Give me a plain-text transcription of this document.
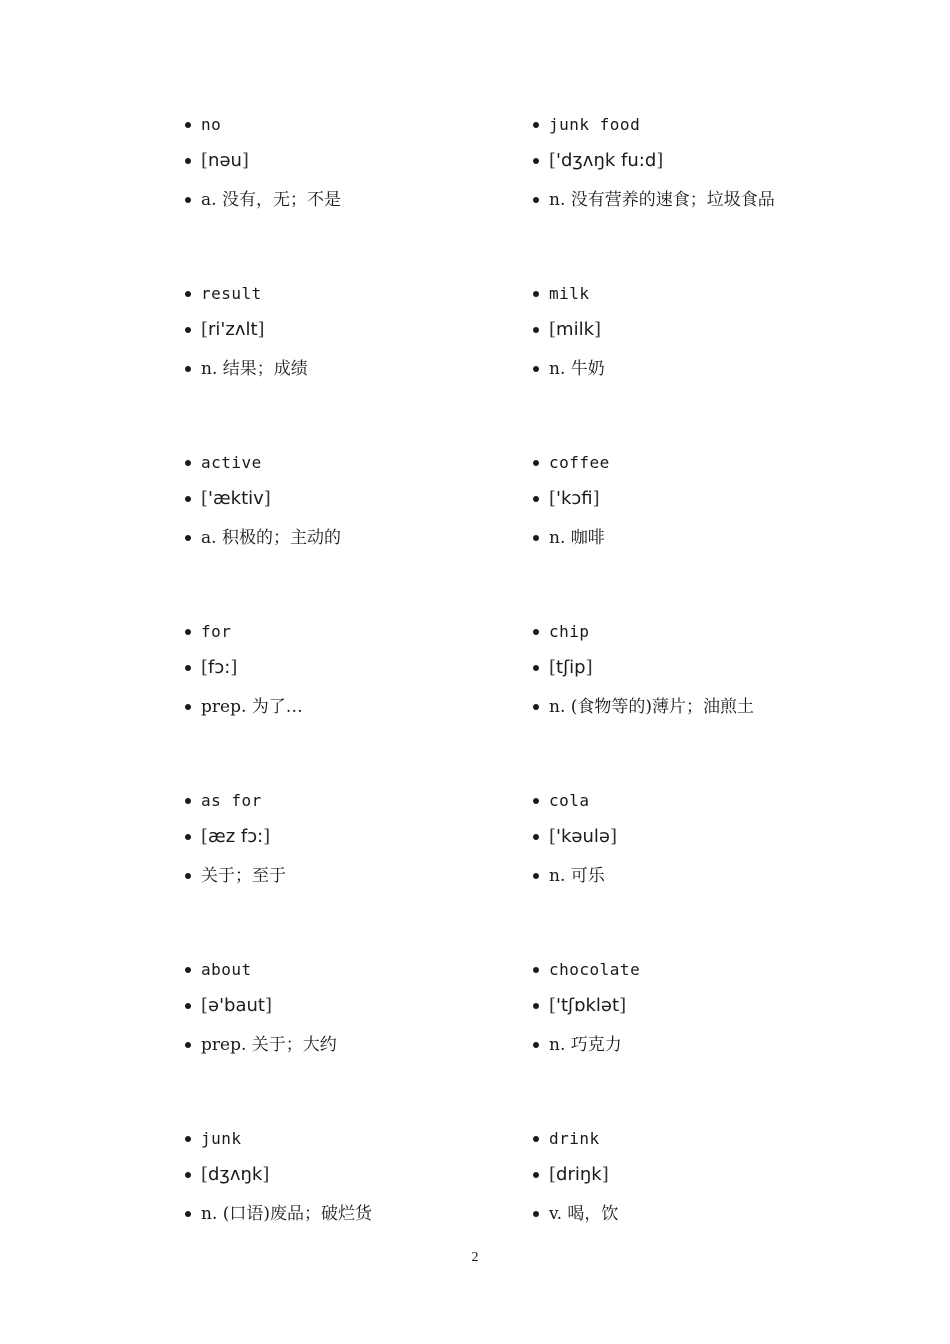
no
[nəu]
a. 没有，无；不是
junk food
['dʒʌŋk fu:d]
n. 没有营养的速食；垃圾食品
result
[ri'zʌlt]
n. 结果；成绩
milk
[milk]
n. 牛奶
active
['æktiv]
a. 积极的；主动的
coffee
['kɔfi]
n. 咖啡
for
[fɔ:]
prep. 为了…
chip
[tʃip]
n. (食物等的)薄片；油煎土
as for
[æz fɔ:]
关于；至于
cola
['kəulə]
n. 可乐
about
[ə'baut]
prep. 关于；大约
chocolate
['tʃɒklət]
n. 巧克力
junk
[dʒʌŋk]
n. (口语)废品；破烂货
drink
[driŋk]
v. 喝，饮
2
